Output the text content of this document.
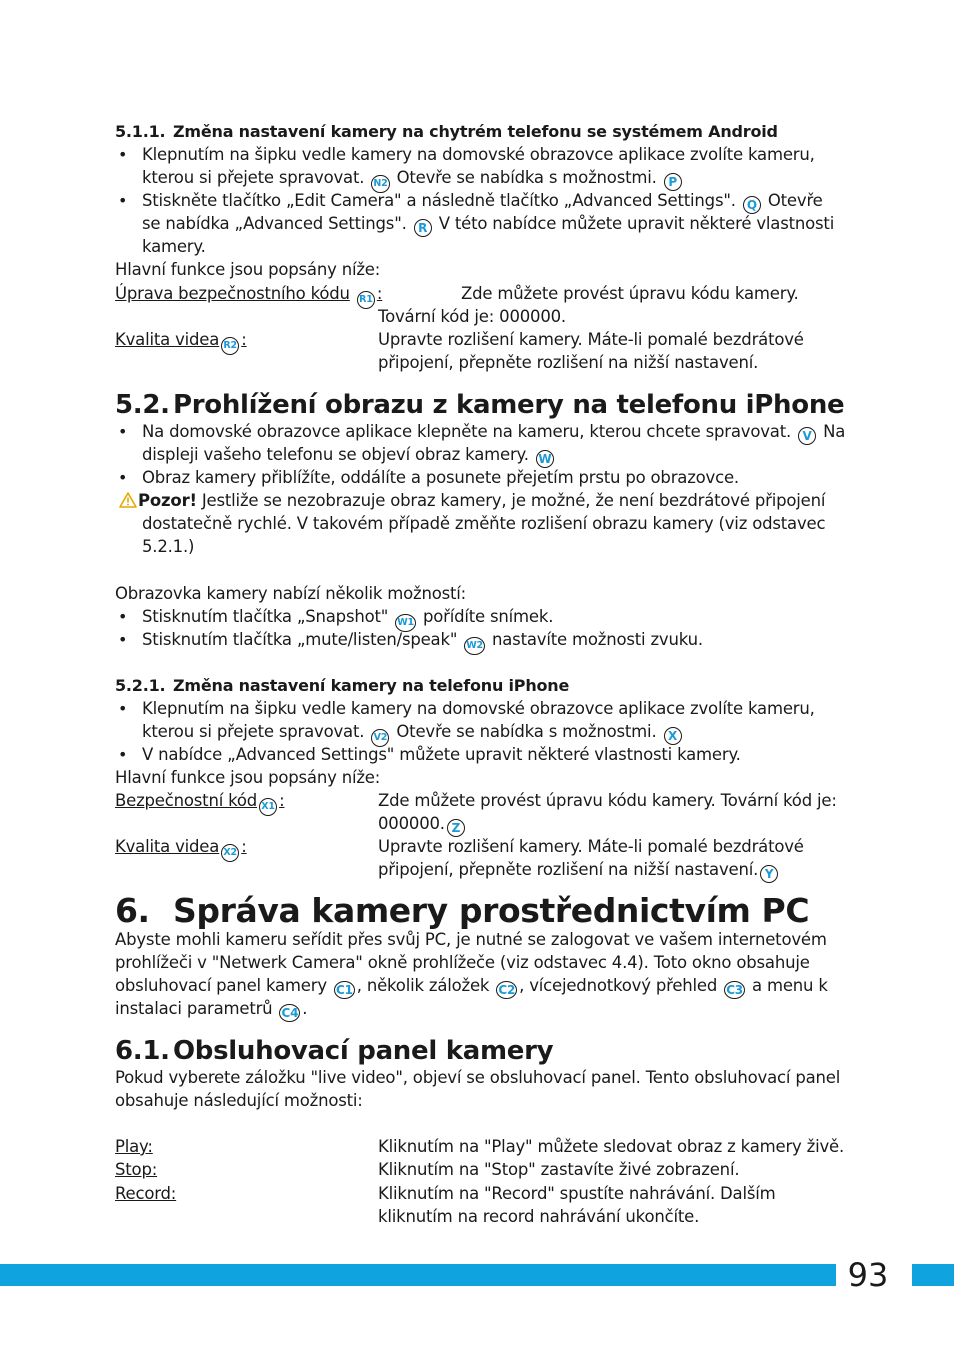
5.1.1. Změna nastavení kamery na chytrém telefonu se systémem Android
• Klepnutím na šipku vedle kamery na domovské obrazovce aplikace zvolíte kameru,
kterou si přejete spravovat. N2 Otevře se nabídka s možnostmi. P
• Stiskněte tlačítko „Edit Camera" a následně tlačítko „Advanced Settings". Q Otevře
se nabídka „Advanced Settings". R V této nabídce můžete upravit některé vlastnosti
kamery.
Hlavní funkce jsou popsány níže:
Úprava bezpečnostního kódu R1 :	Zde můžete provést úpravu kódu kamery.
Tovární kód je: 000000.
Kvalita videa R2 :	Upravte rozlišení kamery. Máte-li pomalé bezdrátové
připojení, přepněte rozlišení na nižší nastavení.
5.2. Prohlížení obrazu z kamery na telefonu iPhone
• Na domovské obrazovce aplikace klepněte na kameru, kterou chcete spravovat. V Na
displeji vašeho telefonu se objeví obraz kamery. W
• Obraz kamery přiblížíte, oddálíte a posunete přejetím prstu po obrazovce.
Pozor! Jestliže se nezobrazuje obraz kamery, je možné, že není bezdrátové připojení
dostatečně rychlé. V takovém případě změňte rozlišení obrazu kamery (viz odstavec
5.2.1.)
Obrazovka kamery nabízí několik možností:
• Stisknutím tlačítka „Snapshot" W1 pořídíte snímek.
• Stisknutím tlačítka „mute/listen/speak" W2 nastavíte možnosti zvuku.
5.2.1. Změna nastavení kamery na telefonu iPhone
• Klepnutím na šipku vedle kamery na domovské obrazovce aplikace zvolíte kameru,
kterou si přejete spravovat. V2 Otevře se nabídka s možnostmi. X
• V nabídce „Advanced Settings" můžete upravit některé vlastnosti kamery.
Hlavní funkce jsou popsány níže:
Bezpečnostní kód X1 :	Zde můžete provést úpravu kódu kamery. Tovární kód je:
000000. Z
Kvalita videa X2 :	Upravte rozlišení kamery. Máte-li pomalé bezdrátové
připojení, přepněte rozlišení na nižší nastavení. Y
6. Správa kamery prostřednictvím PC
Abyste mohli kameru seřídit přes svůj PC, je nutné se zalogovat ve vašem internetovém
prohlížeči v "Netwerk Camera" okně prohlížeče (viz odstavec 4.4). Toto okno obsahuje
obsluhovací panel kamery C1 , několik záložek C2 , vícejednotkový přehled C3 a menu k
instalaci parametrů C4 .
6.1. Obsluhovací panel kamery
Pokud vyberete záložku "live video", objeví se obsluhovací panel. Tento obsluhovací panel
obsahuje následující možnosti:
Play:	Kliknutím na "Play" můžete sledovat obraz z kamery živě.
Stop:	Kliknutím na "Stop" zastavíte živé zobrazení.
Record:	Kliknutím na "Record" spustíte nahrávání. Dalším
kliknutím na record nahrávání ukončíte.
93
